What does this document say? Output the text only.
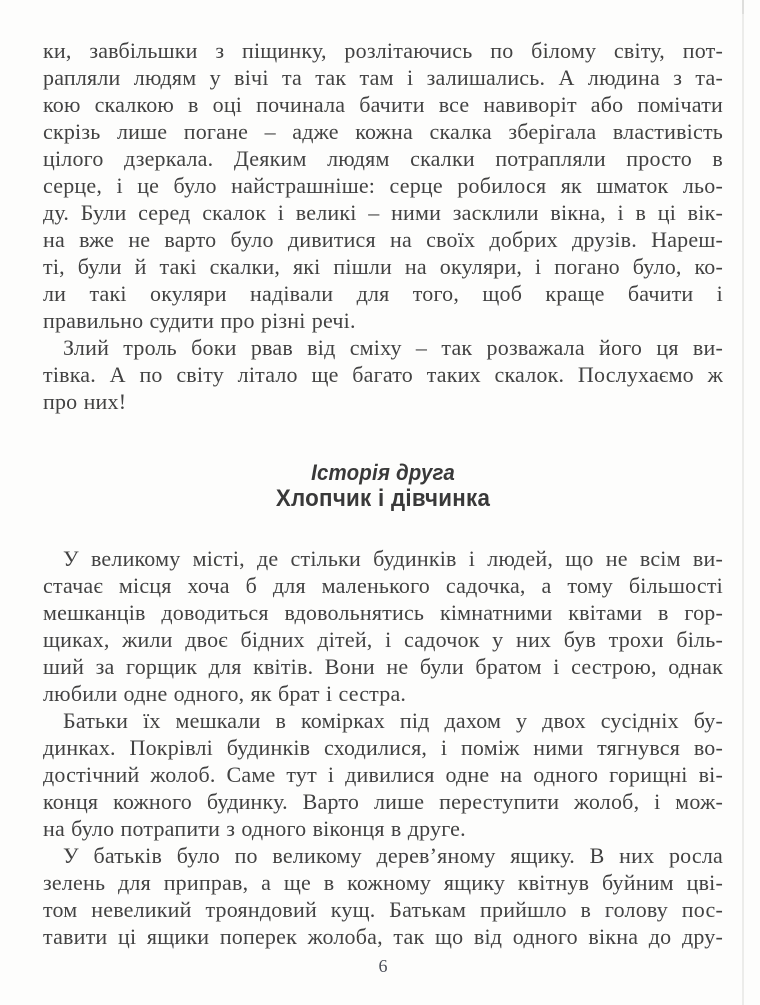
ки, завбільшки з піщинку, розлітаючись по білому світу, пот-
рапляли людям у вічі та так там і залишались. А людина з та-
кою скалкою в оці починала бачити все навиворіт або помічати
скрізь лише погане – адже кожна скалка зберігала властивість
цілого дзеркала. Деяким людям скалки потрапляли просто в
серце, і це було найстрашніше: серце робилося як шматок льо-
ду. Були серед скалок і великі – ними засклили вікна, і в ці вік-
на вже не варто було дивитися на своїх добрих друзів. Нареш-
ті, були й такі скалки, які пішли на окуляри, і погано було, ко-
ли такі окуляри надівали для того, щоб краще бачити і
правильно судити про різні речі.
Злий троль боки рвав від сміху – так розважала його ця ви-
тівка. А по світу літало ще багато таких скалок. Послухаємо ж
про них!
Історія друга
Хлопчик і дівчинка
У великому місті, де стільки будинків і людей, що не всім ви-
стачає місця хоча б для маленького садочка, а тому більшості
мешканців доводиться вдовольнятись кімнатними квітами в гор-
щиках, жили двоє бідних дітей, і садочок у них був трохи біль-
ший за горщик для квітів. Вони не були братом і сестрою, однак
любили одне одного, як брат і сестра.
Батьки їх мешкали в комірках під дахом у двох сусідніх бу-
динках. Покрівлі будинків сходилися, і поміж ними тягнувся во-
достічний жолоб. Саме тут і дивилися одне на одного горищні ві-
конця кожного будинку. Варто лише переступити жолоб, і мож-
на було потрапити з одного віконця в друге.
У батьків було по великому дерев’яному ящику. В них росла
зелень для приправ, а ще в кожному ящику квітнув буйним цві-
том невеликий трояндовий кущ. Батькам прийшло в голову пос-
тавити ці ящики поперек жолоба, так що від одного вікна до дру-
6
